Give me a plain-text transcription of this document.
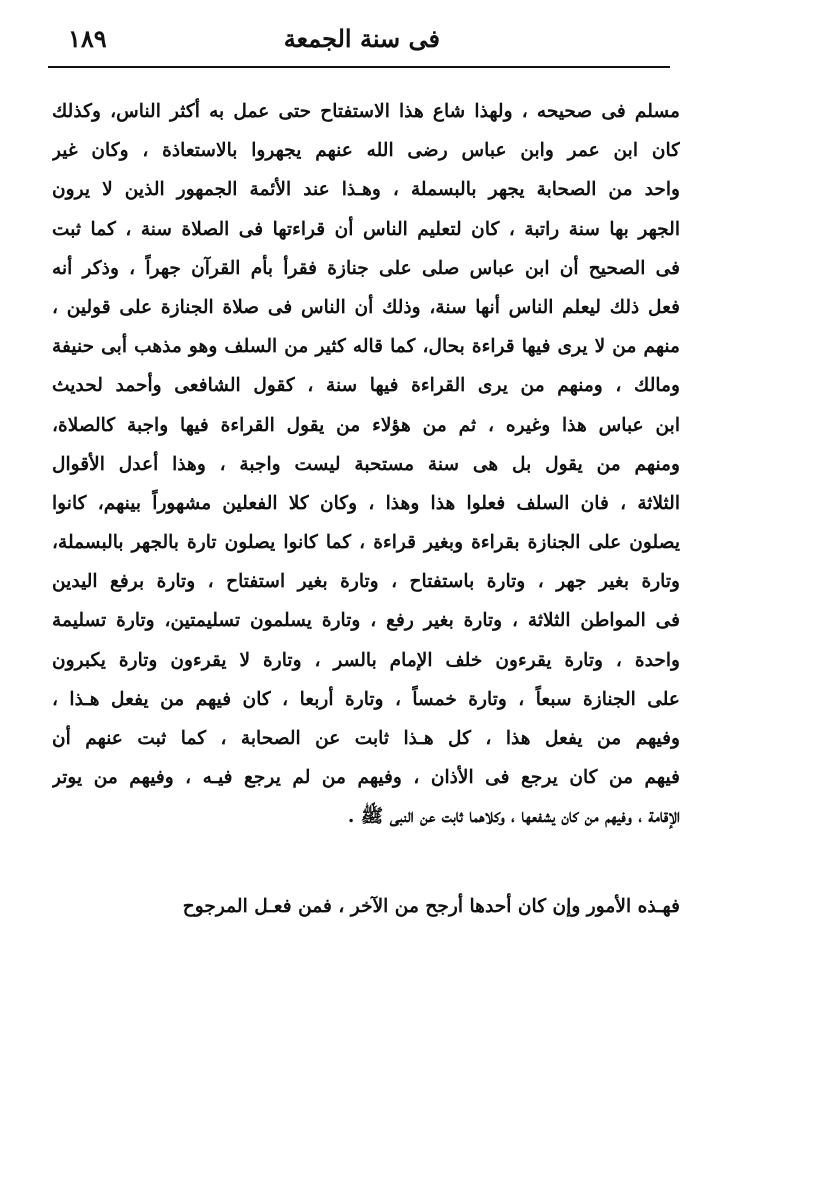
فى سنة الجمعة
١٨٩
مسلم فى صحيحه ، ولهذا شاع هذا الاستفتاح حتى عمل به أكثر الناس، وكذلك
كان ابن عمر وابن عباس رضى الله عنهم يجهروا بالاستعاذة ، وكان غير
واحد من الصحابة يجهر بالبسملة ، وهـذا عند الأئمة الجمهور الذين لا يرون
الجهر بها سنة راتبة ، كان لتعليم الناس أن قراءتها فى الصلاة سنة ، كما ثبت
فى الصحيح أن ابن عباس صلى على جنازة فقرأ بأم القرآن جهراً ، وذكر أنه
فعل ذلك ليعلم الناس أنها سنة، وذلك أن الناس فى صلاة الجنازة على قولين ،
منهم من لا يرى فيها قراءة بحال، كما قاله كثير من السلف وهو مذهب أبى حنيفة
ومالك ، ومنهم من يرى القراءة فيها سنة ، كقول الشافعى وأحمد لحديث
ابن عباس هذا وغيره ، ثم من هؤلاء من يقول القراءة فيها واجبة كالصلاة،
ومنهم من يقول بل هى سنة مستحبة ليست واجبة ، وهذا أعدل الأقوال
الثلاثة ، فان السلف فعلوا هذا وهذا ، وكان كلا الفعلين مشهوراً بينهم، كانوا
يصلون على الجنازة بقراءة وبغير قراءة ، كما كانوا يصلون تارة بالجهر بالبسملة،
وتارة بغير جهر ، وتارة باستفتاح ، وتارة بغير استفتاح ، وتارة برفع اليدين
فى المواطن الثلاثة ، وتارة بغير رفع ، وتارة يسلمون تسليمتين، وتارة تسليمة
واحدة ، وتارة يقرءون خلف الإمام بالسر ، وتارة لا يقرءون وتارة يكبرون
على الجنازة سبعاً ، وتارة خمساً ، وتارة أربعا ، كان فيهم من يفعل هـذا ،
وفيهم من يفعل هذا ، كل هـذا ثابت عن الصحابة ، كما ثبت عنهم أن
فيهم من كان يرجع فى الأذان ، وفيهم من لم يرجع فيـه ، وفيهم من يوتر
الإقامة ، وفيهم من كان يشفعها ، وكلاهما ثابت عن النبى ﷺ .
فهـذه الأمور وإن كان أحدها أرجح من الآخر ، فمن فعـل المرجوح
